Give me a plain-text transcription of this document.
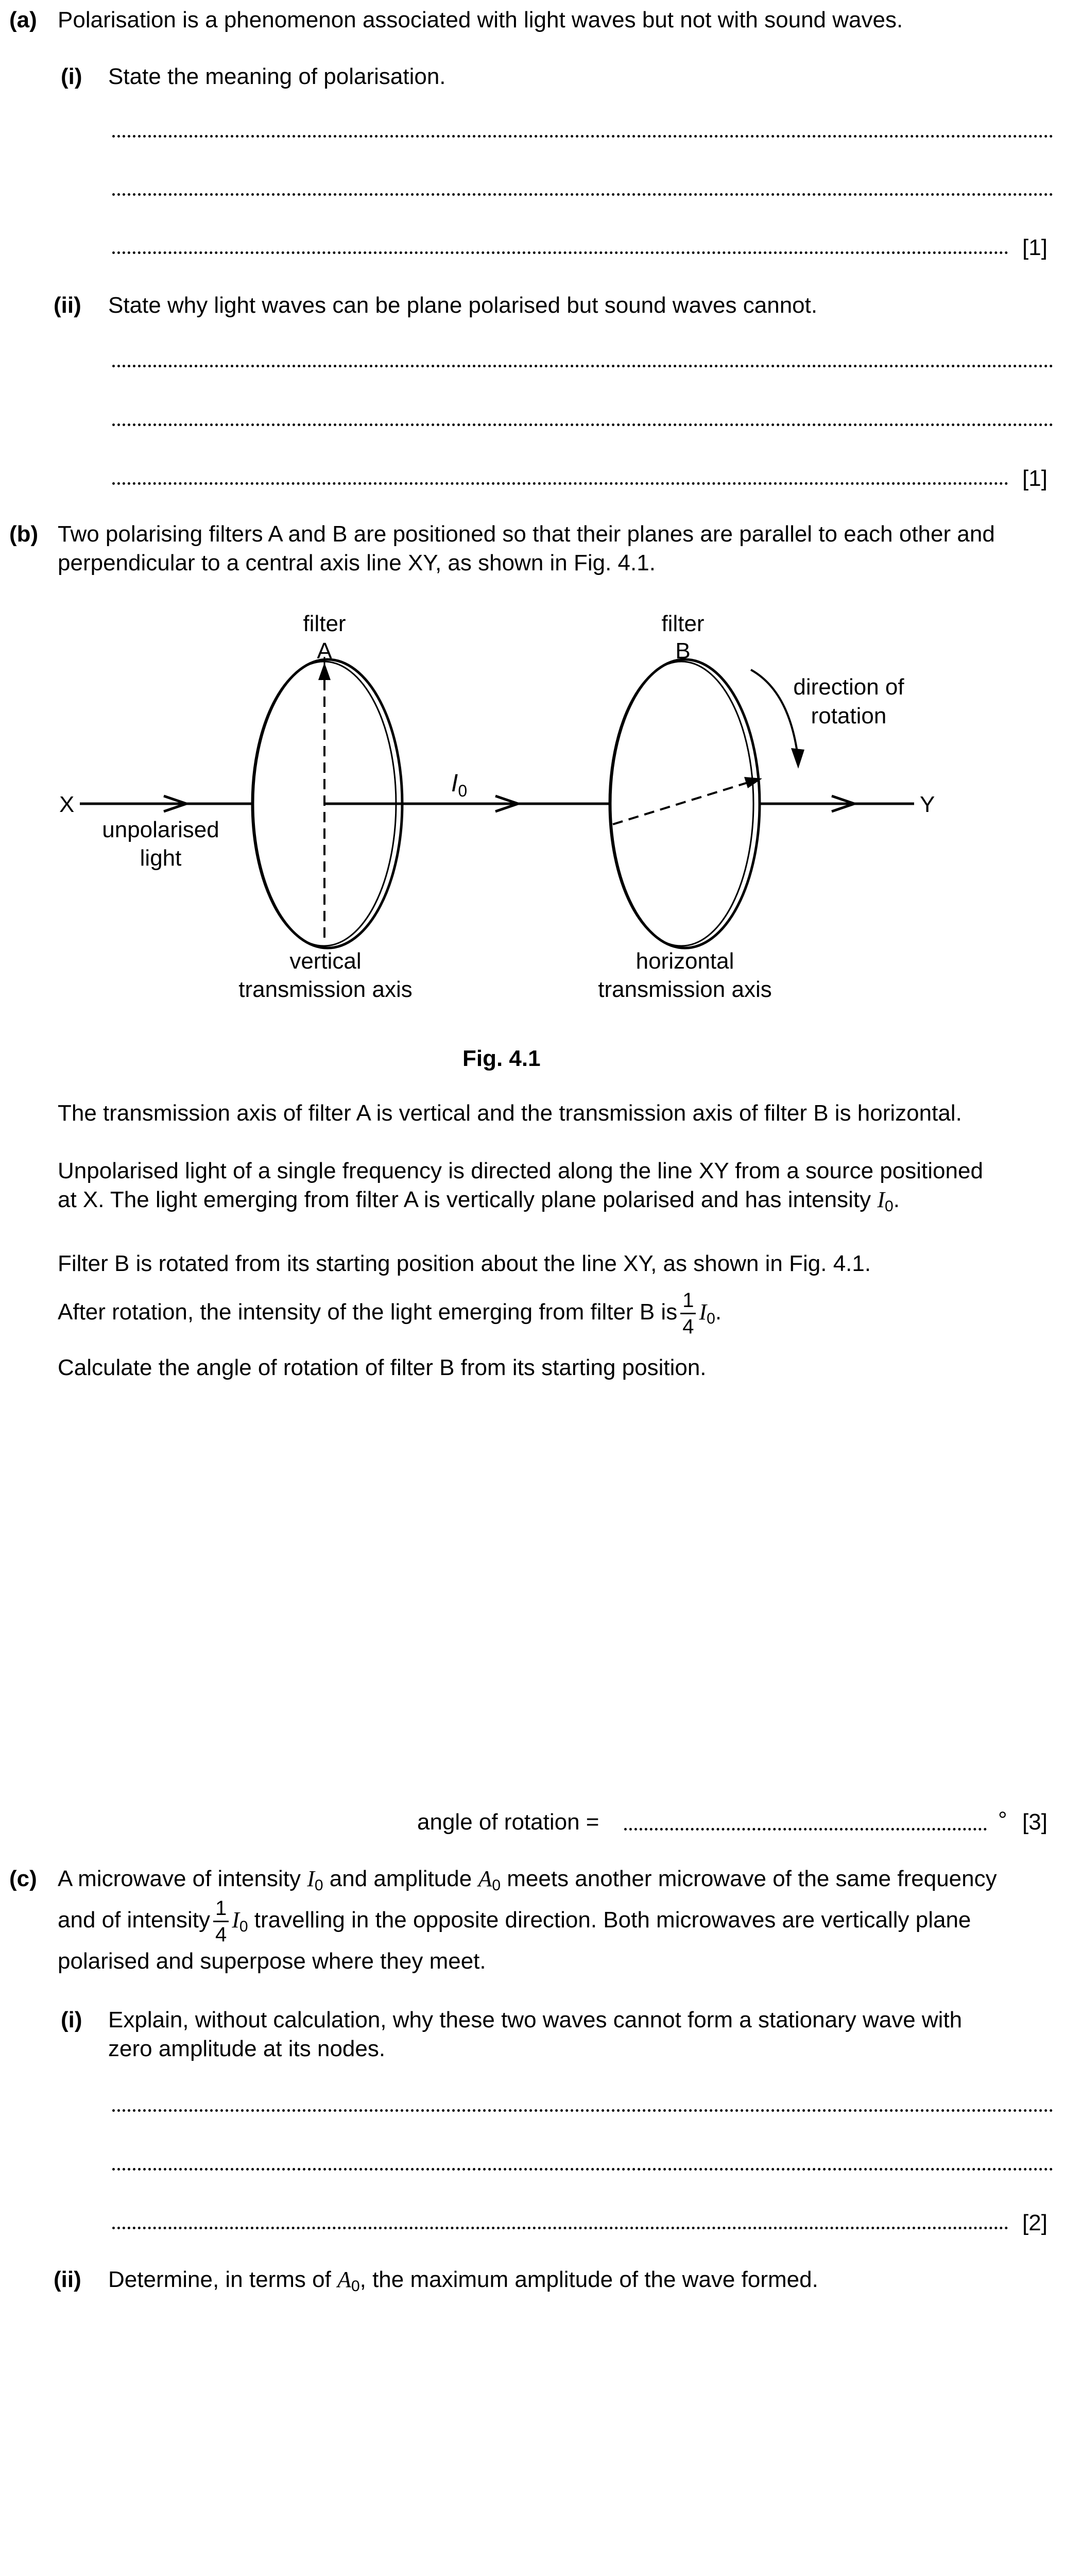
(a) Polarisation is a phenomenon associated with light waves but not with sound waves.
(i) State the meaning of polarisation.
[1]
(ii) State why light waves can be plane polarised but sound waves cannot.
[1]
(b) Two polarising filters A and B are positioned so that their planes are parallel to each other and
perpendicular to a central axis line XY, as shown in Fig. 4.1.
filter
A
filter
B
direction of
rotation
X	Y
$I_0$
unpolarised
light
vertical
transmission axis
horizontal
transmission axis
Fig. 4.1
The transmission axis of filter A is vertical and the transmission axis of filter B is horizontal.
Unpolarised light of a single frequency is directed along the line XY from a source positioned
at X. The light emerging from filter A is vertically plane polarised and has intensity $I_0$.
Filter B is rotated from its starting position about the line XY, as shown in Fig. 4.1.
After rotation, the intensity of the light emerging from filter B is $\frac{1}{4} I_0$.
Calculate the angle of rotation of filter B from its starting position.
angle of rotation =	° [3]
(c) A microwave of intensity $I_0$ and amplitude $A_0$ meets another microwave of the same frequency
and of intensity $\frac{1}{4} I_0$ travelling in the opposite direction. Both microwaves are vertically plane
polarised and superpose where they meet.
(i) Explain, without calculation, why these two waves cannot form a stationary wave with
zero amplitude at its nodes.
[2]
(ii) Determine, in terms of $A_0$, the maximum amplitude of the wave formed.
